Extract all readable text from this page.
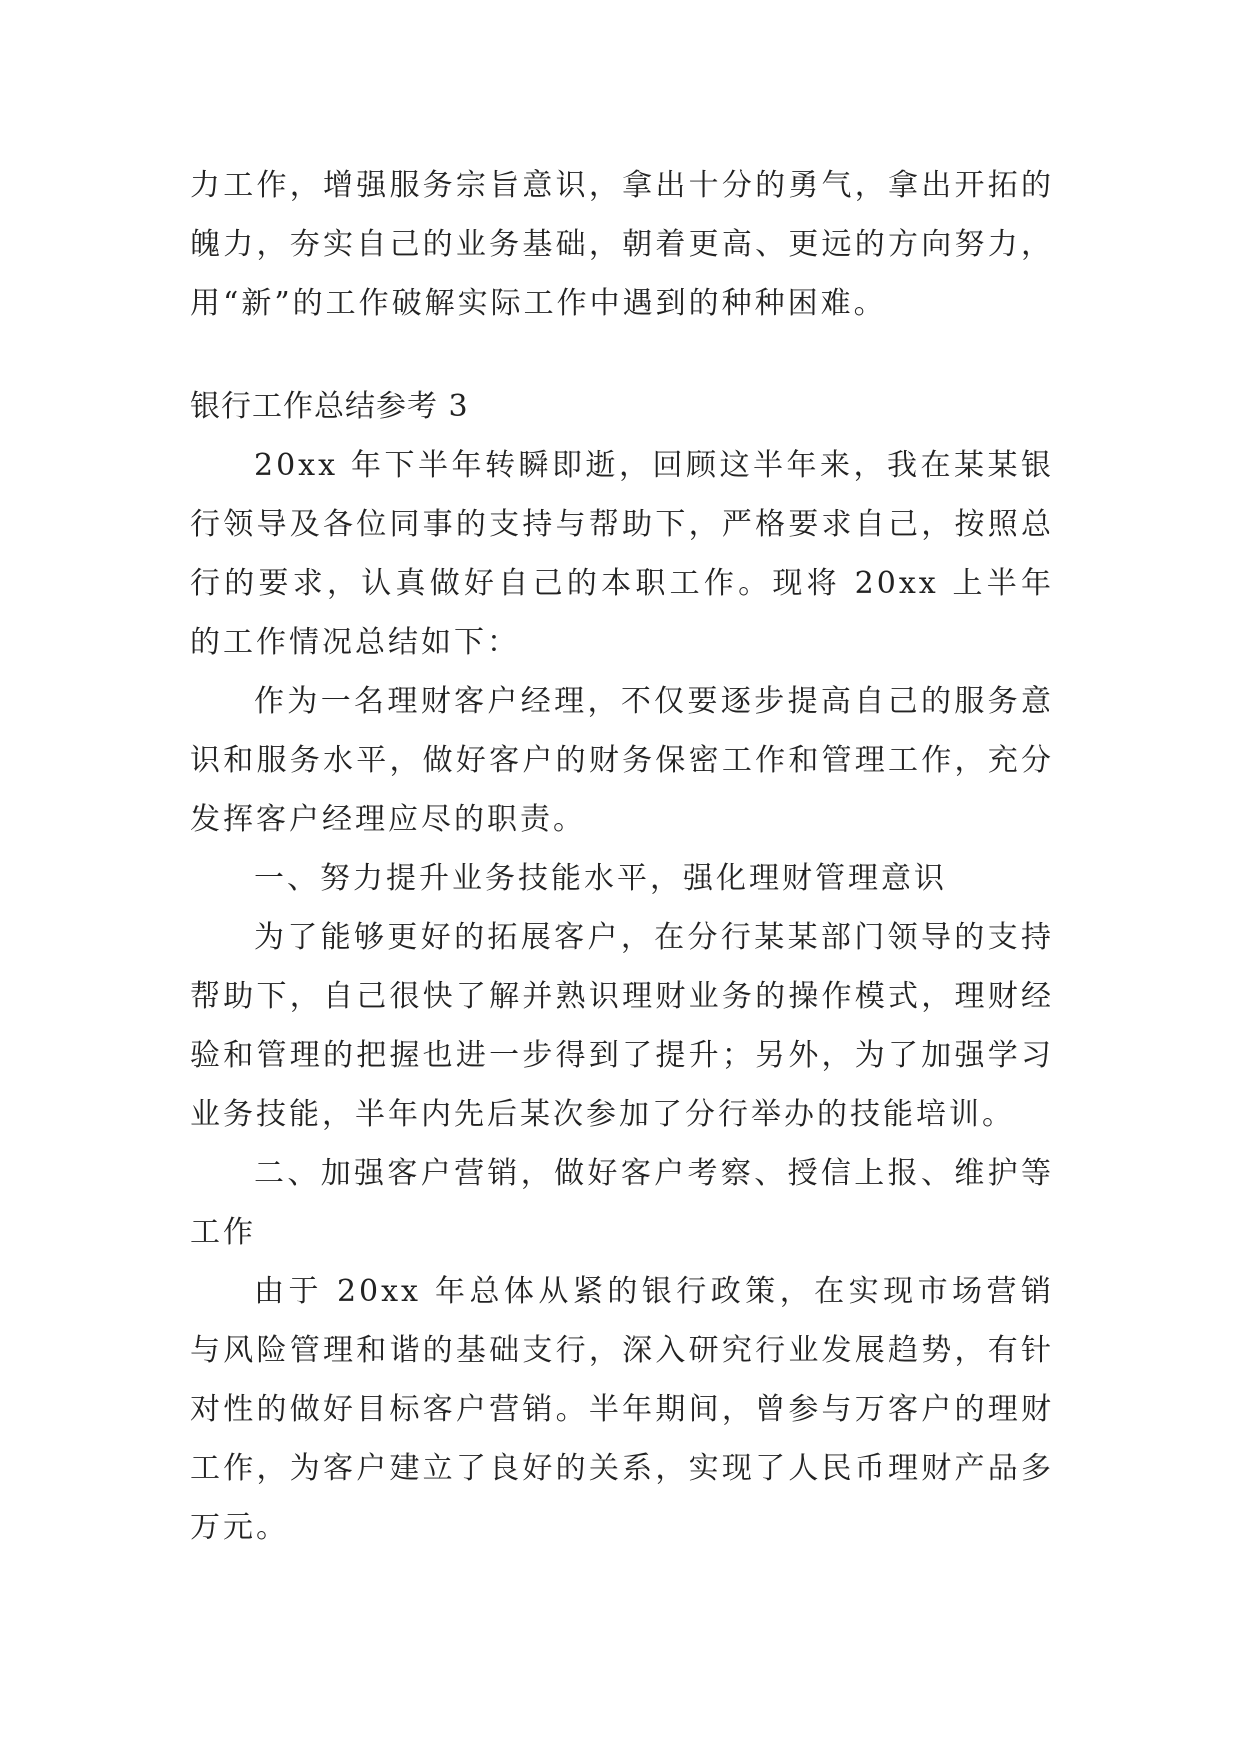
力工作，增强服务宗旨意识，拿出十分的勇气，拿出开拓的魄力，夯实自己的业务基础，朝着更高、更远的方向努力，用“新”的工作破解实际工作中遇到的种种困难。

银行工作总结参考 3

20xx 年下半年转瞬即逝，回顾这半年来，我在某某银行领导及各位同事的支持与帮助下，严格要求自己，按照总行的要求，认真做好自己的本职工作。现将 20xx 上半年的工作情况总结如下：

作为一名理财客户经理，不仅要逐步提高自己的服务意识和服务水平，做好客户的财务保密工作和管理工作，充分发挥客户经理应尽的职责。

一、努力提升业务技能水平，强化理财管理意识

为了能够更好的拓展客户，在分行某某部门领导的支持帮助下，自己很快了解并熟识理财业务的操作模式，理财经验和管理的把握也进一步得到了提升；另外，为了加强学习业务技能，半年内先后某次参加了分行举办的技能培训。

二、加强客户营销，做好客户考察、授信上报、维护等工作

由于 20xx 年总体从紧的银行政策，在实现市场营销与风险管理和谐的基础支行，深入研究行业发展趋势，有针对性的做好目标客户营销。半年期间，曾参与万客户的理财工作，为客户建立了良好的关系，实现了人民币理财产品多万元。
